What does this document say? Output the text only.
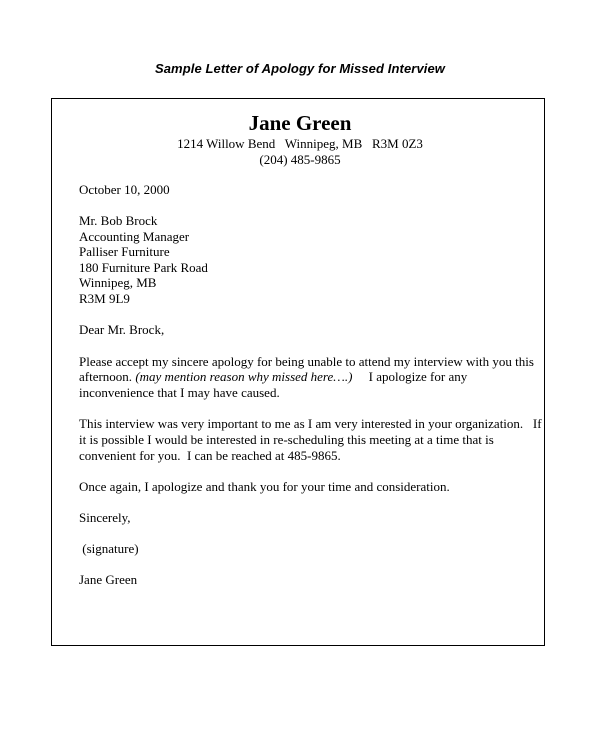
Sample Letter of Apology for Missed Interview
Jane Green
1214 Willow Bend   Winnipeg, MB   R3M 0Z3
(204) 485-9865
October 10, 2000
Mr. Bob Brock
Accounting Manager
Palliser Furniture
180 Furniture Park Road
Winnipeg, MB
R3M 9L9
Dear Mr. Brock,
Please accept my sincere apology for being unable to attend my interview with you this
afternoon. (may mention reason why missed here….)     I apologize for any
inconvenience that I may have caused.
This interview was very important to me as I am very interested in your organization.   If
it is possible I would be interested in re-scheduling this meeting at a time that is
convenient for you.  I can be reached at 485-9865.
Once again, I apologize and thank you for your time and consideration.
Sincerely,
(signature)
Jane Green
